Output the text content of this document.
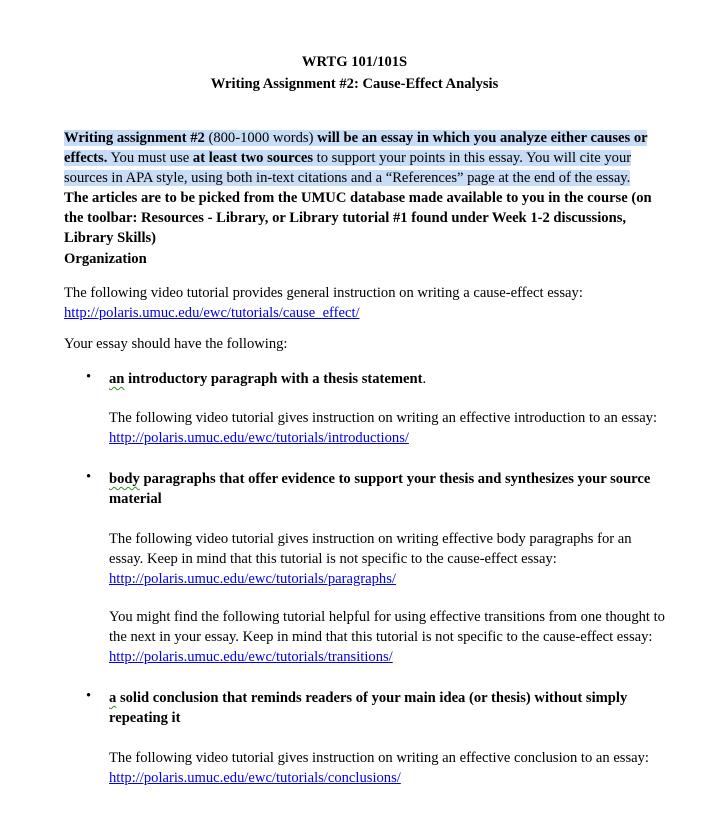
WRTG 101/101S
Writing Assignment #2: Cause-Effect Analysis
Writing assignment #2 (800-1000 words) will be an essay in which you analyze either causes or effects. You must use at least two sources to support your points in this essay. You will cite your sources in APA style, using both in-text citations and a “References” page at the end of the essay. The articles are to be picked from the UMUC database made available to you in the course (on the toolbar: Resources - Library, or Library tutorial #1 found under Week 1-2 discussions, Library Skills)
Organization
The following video tutorial provides general instruction on writing a cause-effect essay:
http://polaris.umuc.edu/ewc/tutorials/cause_effect/
Your essay should have the following:
• an introductory paragraph with a thesis statement.
The following video tutorial gives instruction on writing an effective introduction to an essay: http://polaris.umuc.edu/ewc/tutorials/introductions/
• body paragraphs that offer evidence to support your thesis and synthesizes your source material
The following video tutorial gives instruction on writing effective body paragraphs for an essay. Keep in mind that this tutorial is not specific to the cause-effect essay: http://polaris.umuc.edu/ewc/tutorials/paragraphs/
You might find the following tutorial helpful for using effective transitions from one thought to the next in your essay. Keep in mind that this tutorial is not specific to the cause-effect essay: http://polaris.umuc.edu/ewc/tutorials/transitions/
• a solid conclusion that reminds readers of your main idea (or thesis) without simply repeating it
The following video tutorial gives instruction on writing an effective conclusion to an essay: http://polaris.umuc.edu/ewc/tutorials/conclusions/
